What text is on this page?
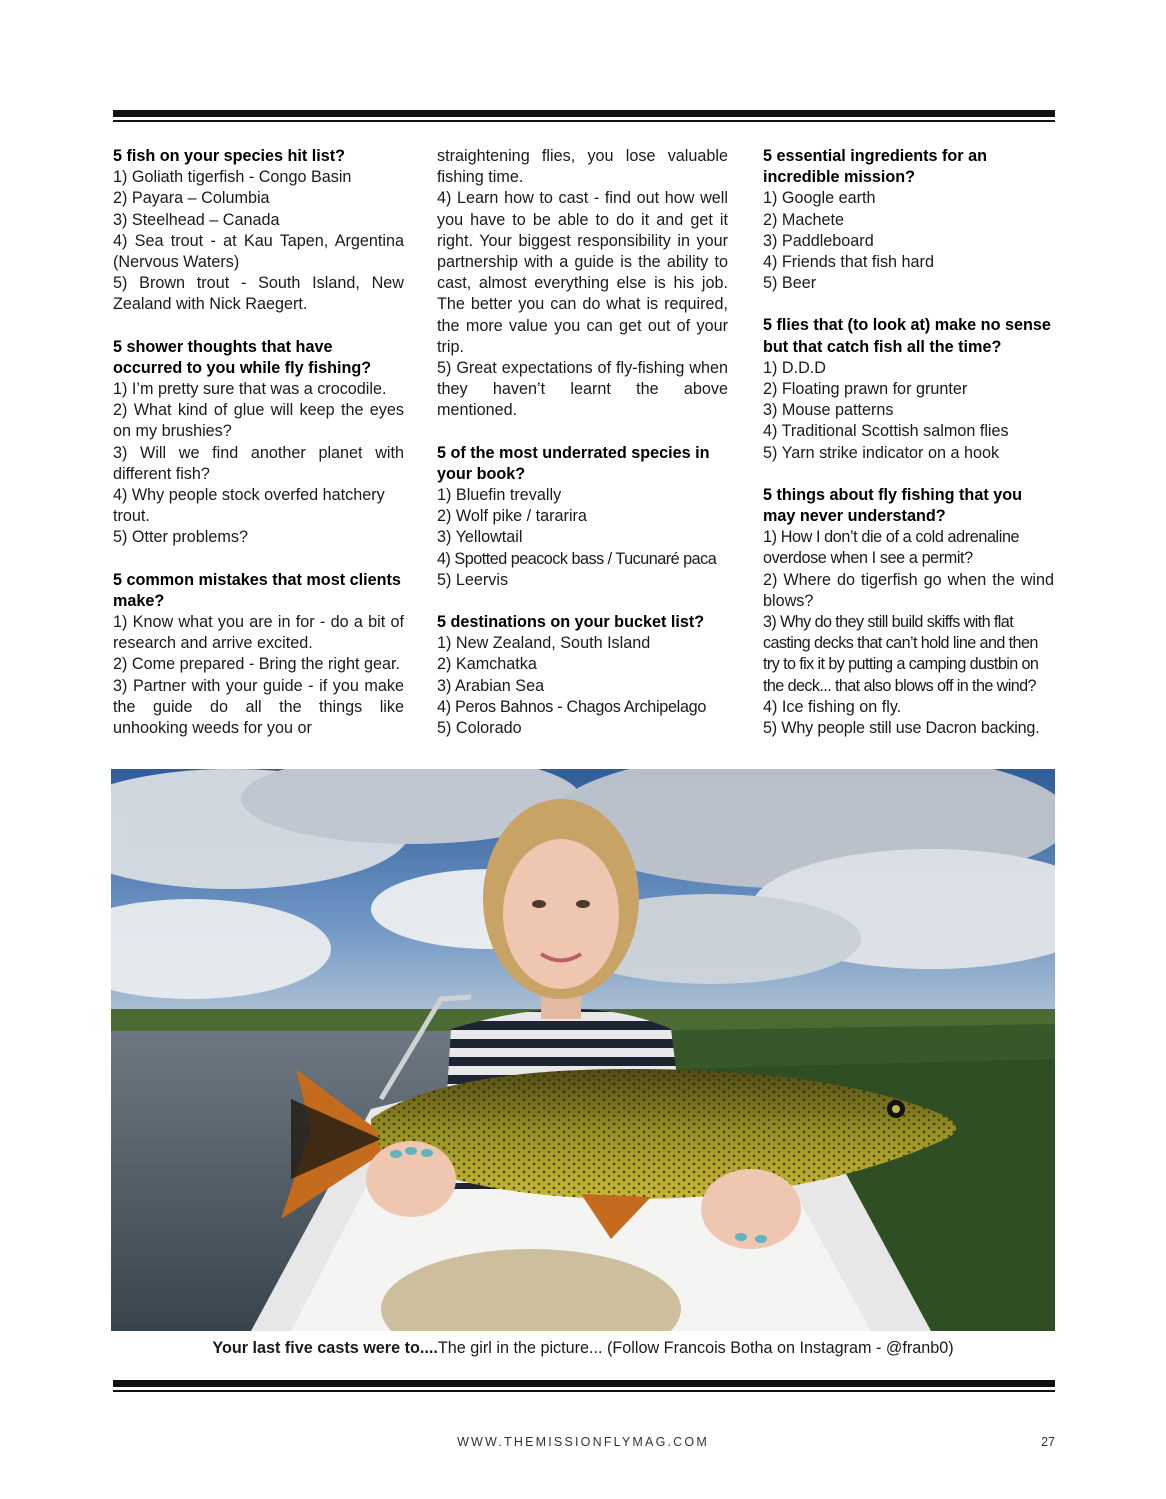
5 fish on your species hit list?
1) Goliath tigerfish - Congo Basin
2) Payara – Columbia
3) Steelhead – Canada
4) Sea trout - at Kau Tapen, Argentina (Nervous Waters)
5) Brown trout - South Island, New Zealand with Nick Raegert.
5 shower thoughts that have occurred to you while fly fishing?
1) I’m pretty sure that was a crocodile.
2) What kind of glue will keep the eyes on my brushies?
3) Will we find another planet with different fish?
4) Why people stock overfed hatchery trout.
5) Otter problems?
5 common mistakes that most clients make?
1) Know what you are in for - do a bit of research and arrive excited.
2) Come prepared - Bring the right gear.
3) Partner with your guide - if you make the guide do all the things like unhooking weeds for you or
straightening flies, you lose valuable fishing time.
4) Learn how to cast - find out how well you have to be able to do it and get it right. Your biggest responsibility in your partnership with a guide is the ability to cast, almost everything else is his job. The better you can do what is required, the more value you can get out of your trip.
5) Great expectations of fly-fishing when they haven’t learnt the above mentioned.
5 of the most underrated species in your book?
1) Bluefin trevally
2) Wolf pike / tararira
3) Yellowtail
4) Spotted peacock bass / Tucunaré paca
5) Leervis
5 destinations on your bucket list?
1) New Zealand, South Island
2) Kamchatka
3) Arabian Sea
4) Peros Bahnos - Chagos Archipelago
5) Colorado
5 essential ingredients for an incredible mission?
1) Google earth
2) Machete
3) Paddleboard
4) Friends that fish hard
5) Beer
5 flies that (to look at) make no sense but that catch fish all the time?
1) D.D.D
2) Floating prawn for grunter
3) Mouse patterns
4) Traditional Scottish salmon flies
5) Yarn strike indicator on a hook
5 things about fly fishing that you may never understand?
1) How I don’t die of a cold adrenaline overdose when I see a permit?
2) Where do tigerfish go when the wind blows?
3) Why do they still build skiffs with flat casting decks that can’t hold line and then try to fix it by putting a camping dustbin on the deck... that also blows off in the wind?
4) Ice fishing on fly.
5) Why people still use Dacron backing.
Your last five casts were to....The girl in the picture... (Follow Francois Botha on Instagram - @franb0)
WWW.THEMISSIONFLYMAG.COM	27
